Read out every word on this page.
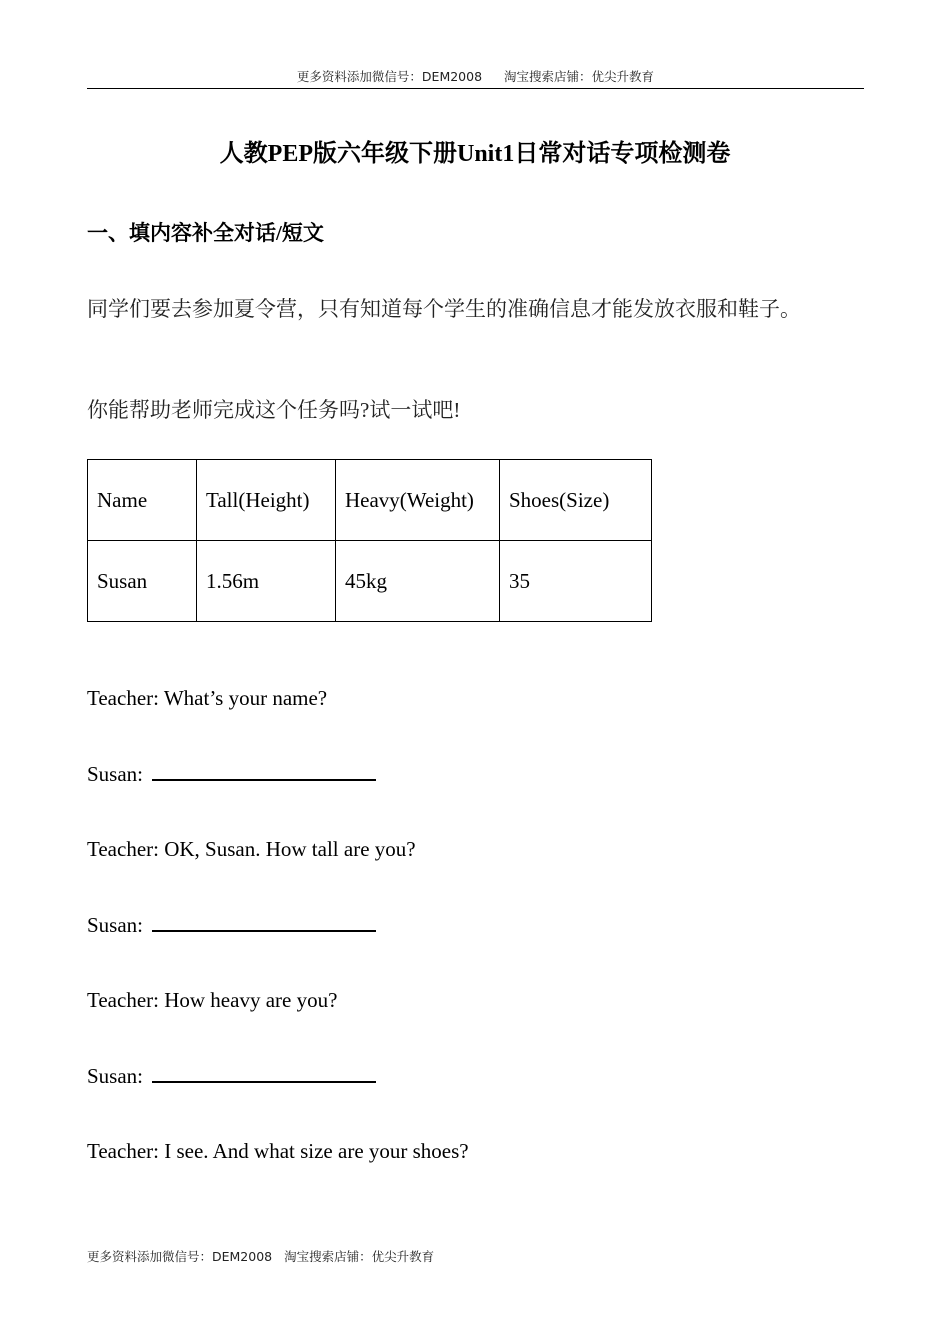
更多资料添加微信号：DEM2008 淘宝搜索店铺：优尖升教育
人教PEP版六年级下册Unit1日常对话专项检测卷
一、填内容补全对话/短文
同学们要去参加夏令营，只有知道每个学生的准确信息才能发放衣服和鞋子。
你能帮助老师完成这个任务吗?试一试吧!
Name	Tall(Height)	Heavy(Weight)	Shoes(Size)
Susan	1.56m	45kg	35
Teacher: What’s your name?
Susan:
Teacher: OK, Susan. How tall are you?
Susan:
Teacher: How heavy are you?
Susan:
Teacher: I see. And what size are your shoes?
更多资料添加微信号：DEM2008 淘宝搜索店铺：优尖升教育
